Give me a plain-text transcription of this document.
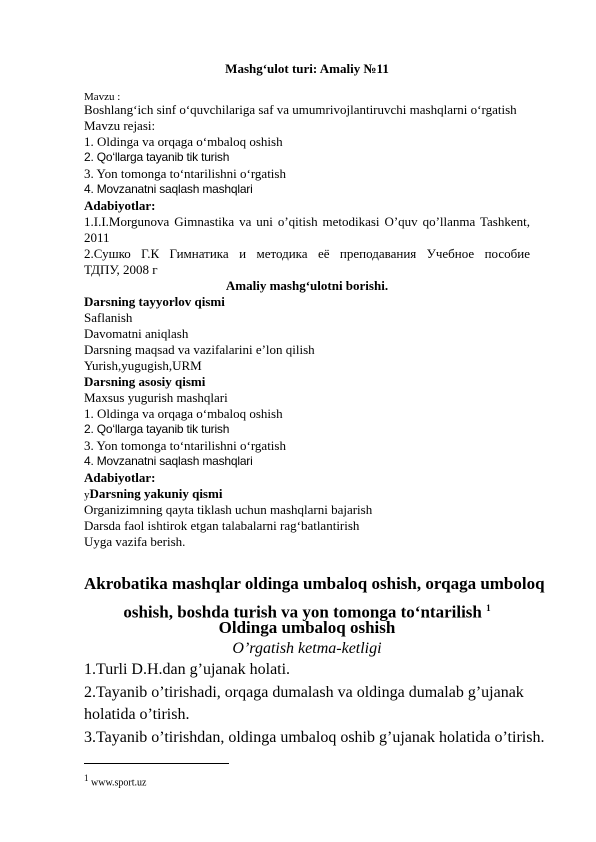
Mashg‘ulot turi: Amaliy №11
Mavzu :
Boshlang‘ich sinf o‘quvchilariga saf va umumrivojlantiruvchi mashqlarni o‘rgatish
Mavzu rejasi:
1. Oldinga va orqaga o‘mbaloq oshish
2. Qo‘llarga tayanib tik turish
3. Yon tomonga to‘ntarilishni o‘rgatish
4. Movzanatni saqlash mashqlari
Adabiyotlar:
1.I.I.Morgunova Gimnastika va uni o’qitish metodikasi O’quv qo’llanma Tashkent,
2011
2.Сушко Г.К Гимнатика и методика её преподавания Учебное пособие
ТДПУ, 2008 г
Amaliy mashg‘ulotni borishi.
Darsning tayyorlov qismi
Saflanish
Davomatni aniqlash
Darsning maqsad va vazifalarini e’lon qilish
Yurish,yugugish,URM
Darsning asosiy qismi
Maxsus yugurish mashqlari
1. Oldinga va orqaga o‘mbaloq oshish
2. Qo‘llarga tayanib tik turish
3. Yon tomonga to‘ntarilishni o‘rgatish
4. Movzanatni saqlash mashqlari
Adabiyotlar:
yDarsning yakuniy qismi
Organizimning qayta tiklash uchun mashqlarni bajarish
Darsda faol ishtirok etgan talabalarni rag‘batlantirish
Uyga vazifa berish.
Akrobatika mashqlar oldinga umbaloq oshish, orqaga umboloq
oshish, boshda turish va yon tomonga to‘ntarilish $^1$
Oldinga umbaloq oshish
O’rgatish ketma-ketligi
1.Turli D.H.dan g’ujanak holati.
2.Tayanib o’tirishadi, orqaga dumalash va oldinga dumalab g’ujanak
holatida o’tirish.
3.Tayanib o’tirishdan, oldinga umbaloq oshib g’ujanak holatida o’tirish.
$^1$ www.sport.uz
